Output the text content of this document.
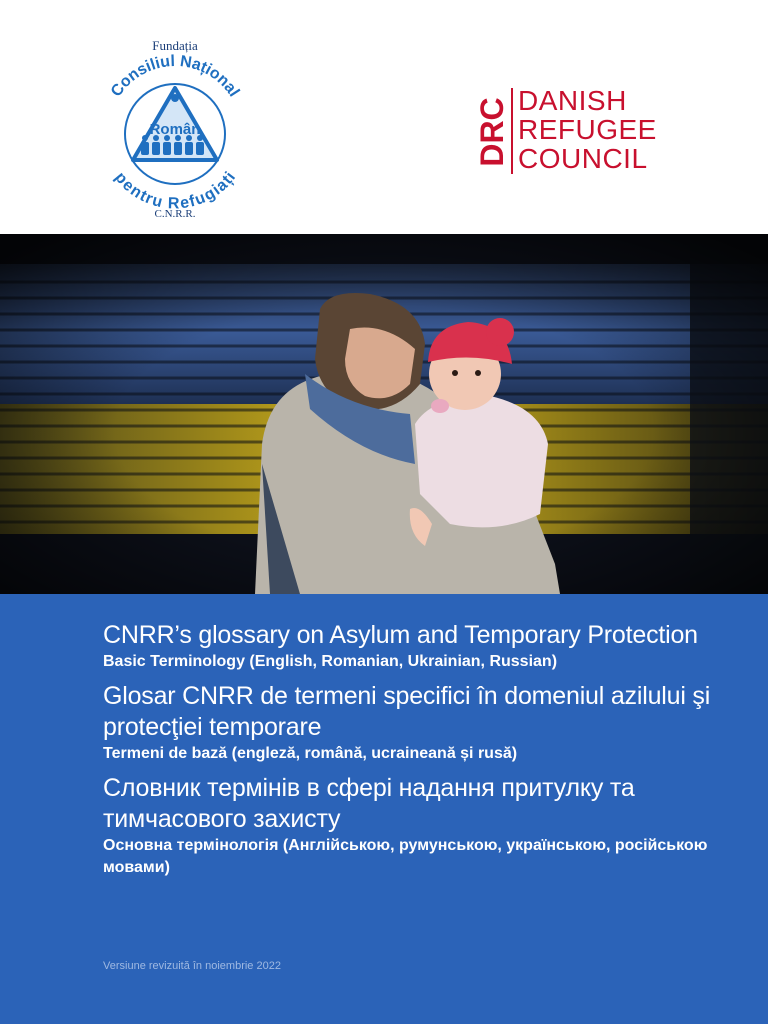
Fundația
Român
Consiliul Național
pentru Refugiați
C.N.R.R.
DRC DANISH
REFUGEE
COUNCIL
CNRR’s glossary on Asylum and Temporary Protection

Basic Terminology (English, Romanian, Ukrainian, Russian)

Glosar CNRR de termeni specifici în domeniul azilului şi protecţiei temporare

Termeni de bază (engleză, română, ucraineană și rusă)

Словник термінів в сфері надання притулку та тимчасового захисту

Основна термінологія (Англійською, румунською, українською, російською мовами)

Versiune revizuită în noiembrie 2022
